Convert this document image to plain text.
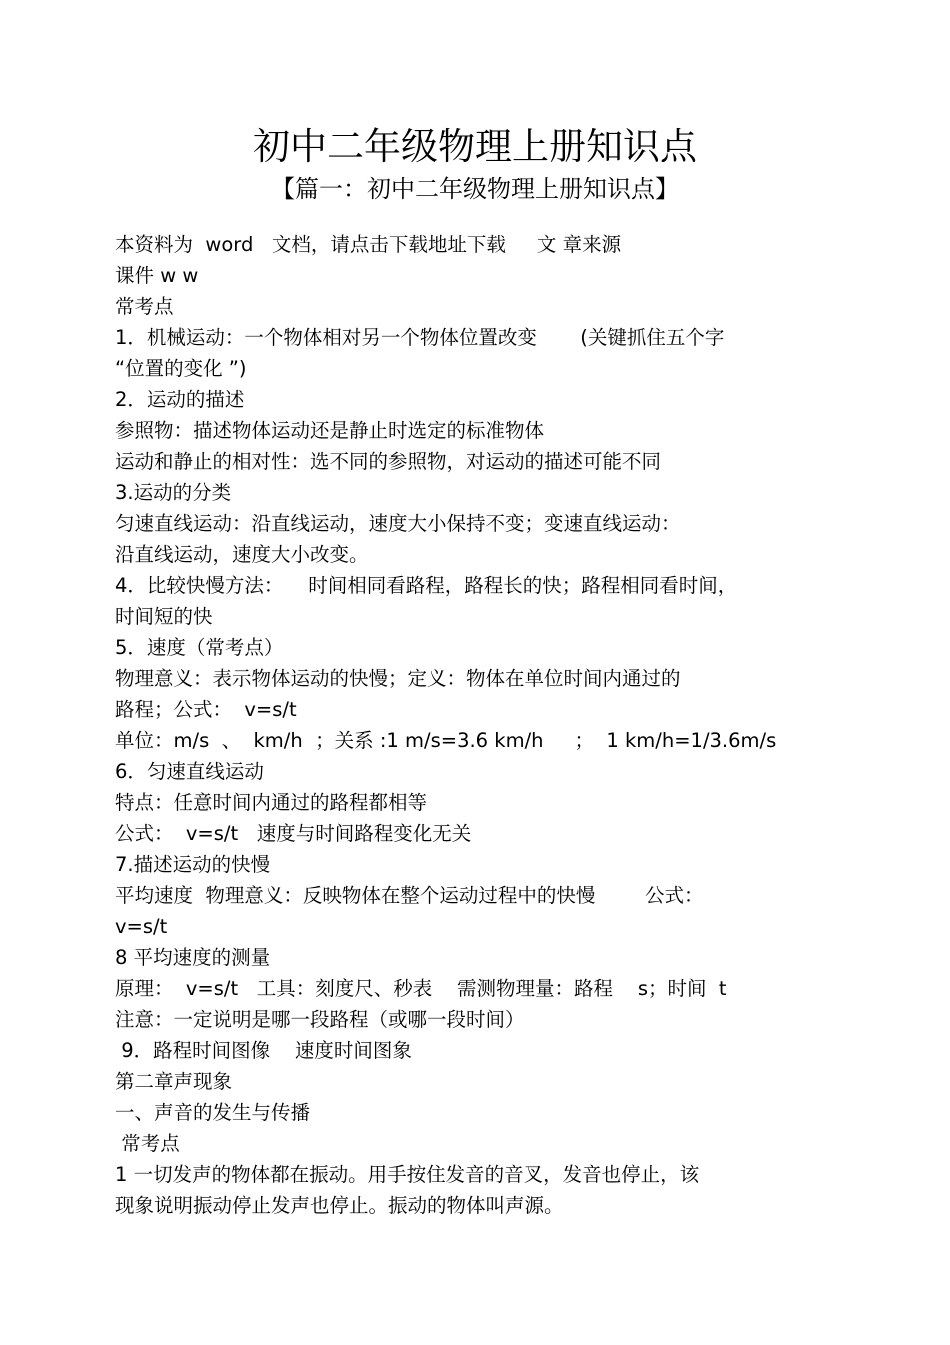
初中二年级物理上册知识点
【篇一：初中二年级物理上册知识点】
本资料为  word   文档，请点击下载地址下载     文 章来源
课件 w w
常考点
1．机械运动：一个物体相对另一个物体位置改变       (关键抓住五个字
“位置的变化 ”)
2．运动的描述
参照物：描述物体运动还是静止时选定的标准物体
运动和静止的相对性：选不同的参照物，对运动的描述可能不同
3.运动的分类
匀速直线运动：沿直线运动，速度大小保持不变；变速直线运动：
沿直线运动，速度大小改变。
4．比较快慢方法：    时间相同看路程，路程长的快；路程相同看时间，
时间短的快
5．速度（常考点）
物理意义：表示物体运动的快慢；定义：物体在单位时间内通过的
路程；公式：  v=s/t
单位：m/s  、  km/h  ；关系 :1 m/s=3.6 km/h     ；  1 km/h=1/3.6m/s
6．匀速直线运动
特点：任意时间内通过的路程都相等
公式：  v=s/t   速度与时间路程变化无关
7.描述运动的快慢
平均速度  物理意义：反映物体在整个运动过程中的快慢        公式：
v=s/t
8 平均速度的测量
原理：  v=s/t   工具：刻度尺、秒表    需测物理量：路程    s；时间  t
注意：一定说明是哪一段路程（或哪一段时间）
9．路程时间图像    速度时间图象
第二章声现象
一、声音的发生与传播
常考点
1 一切发声的物体都在振动。用手按住发音的音叉，发音也停止，该
现象说明振动停止发声也停止。振动的物体叫声源。
